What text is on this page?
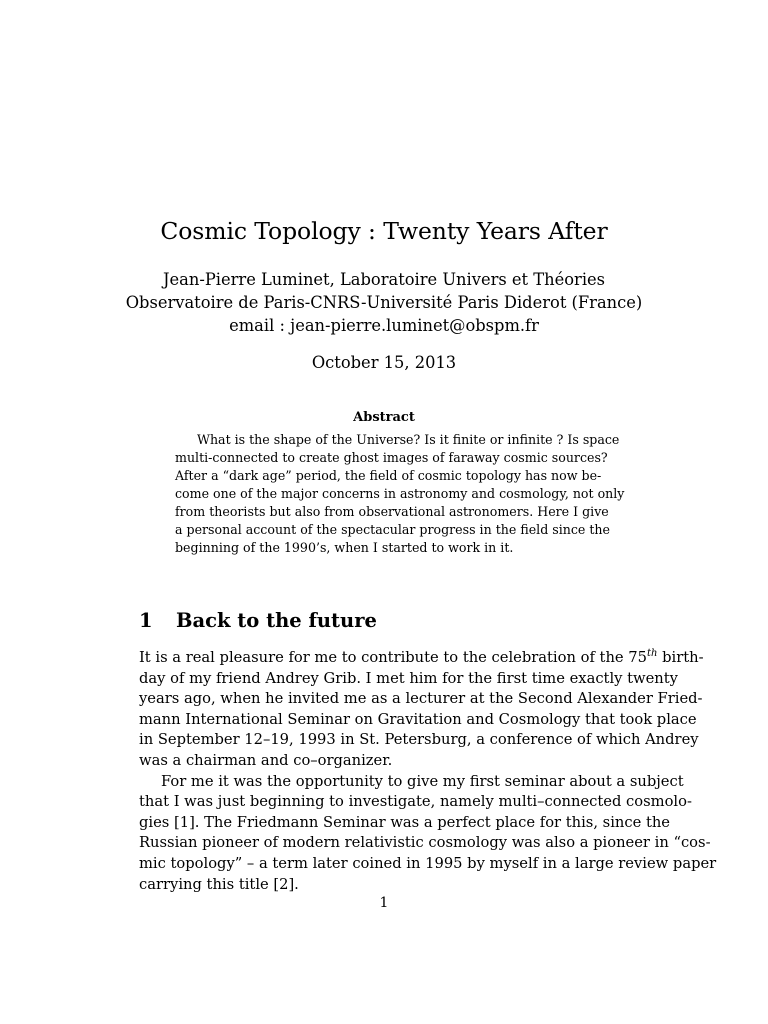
Cosmic Topology : Twenty Years After
Jean-Pierre Luminet, Laboratoire Univers et Théories
Observatoire de Paris-CNRS-Université Paris Diderot (France)
email : jean-pierre.luminet@obspm.fr
October 15, 2013
Abstract
What is the shape of the Universe? Is it finite or infinite ? Is space
multi-connected to create ghost images of faraway cosmic sources?
After a “dark age” period, the field of cosmic topology has now be-
come one of the major concerns in astronomy and cosmology, not only
from theorists but also from observational astronomers. Here I give
a personal account of the spectacular progress in the field since the
beginning of the 1990’s, when I started to work in it.
1 Back to the future
It is a real pleasure for me to contribute to the celebration of the 75th birth-
day of my friend Andrey Grib. I met him for the first time exactly twenty
years ago, when he invited me as a lecturer at the Second Alexander Fried-
mann International Seminar on Gravitation and Cosmology that took place
in September 12–19, 1993 in St. Petersburg, a conference of which Andrey
was a chairman and co–organizer.
For me it was the opportunity to give my first seminar about a subject
that I was just beginning to investigate, namely multi–connected cosmolo-
gies [1]. The Friedmann Seminar was a perfect place for this, since the
Russian pioneer of modern relativistic cosmology was also a pioneer in “cos-
mic topology” – a term later coined in 1995 by myself in a large review paper
carrying this title [2].
1
